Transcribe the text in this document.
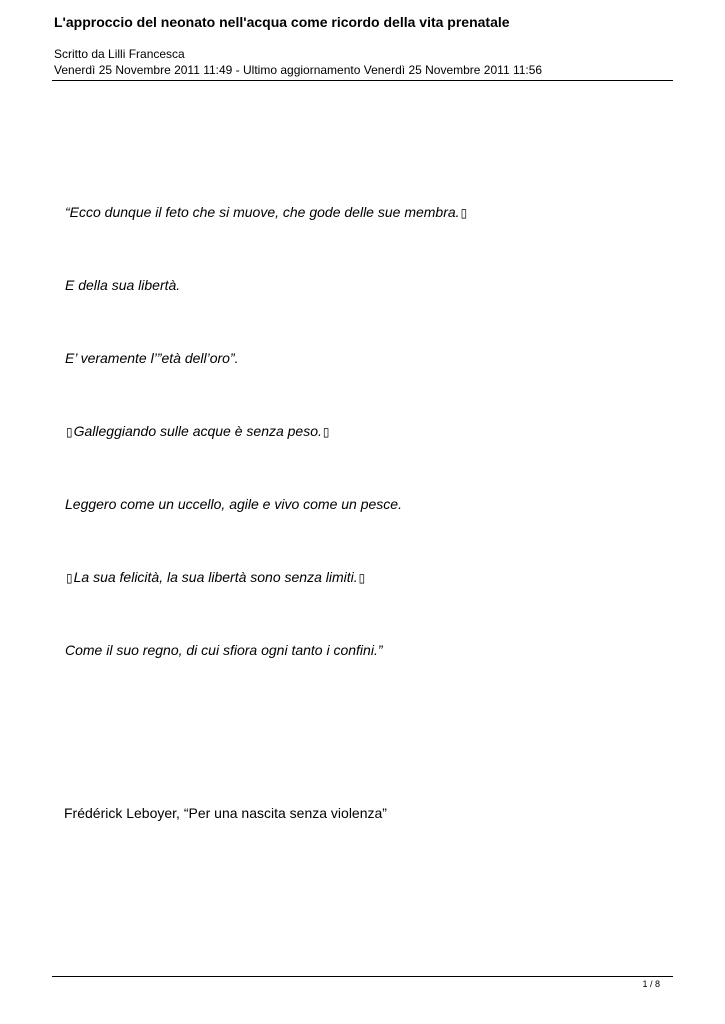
L'approccio del neonato nell'acqua come ricordo della vita prenatale
Scritto da Lilli Francesca
Venerdì 25 Novembre 2011 11:49 - Ultimo aggiornamento Venerdì 25 Novembre 2011 11:56
“Ecco dunque il feto che si muove, che gode delle sue membra.▯
E della sua libertà.
E’ veramente l’”età dell’oro”.
▯Galleggiando sulle acque è senza peso.▯
Leggero come un uccello, agile e vivo come un pesce.
▯La sua felicità, la sua libertà sono senza limiti.▯
Come il suo regno, di cui sfiora ogni tanto i confini.”
Frédérick Leboyer, “Per una nascita senza violenza”
1 / 8
